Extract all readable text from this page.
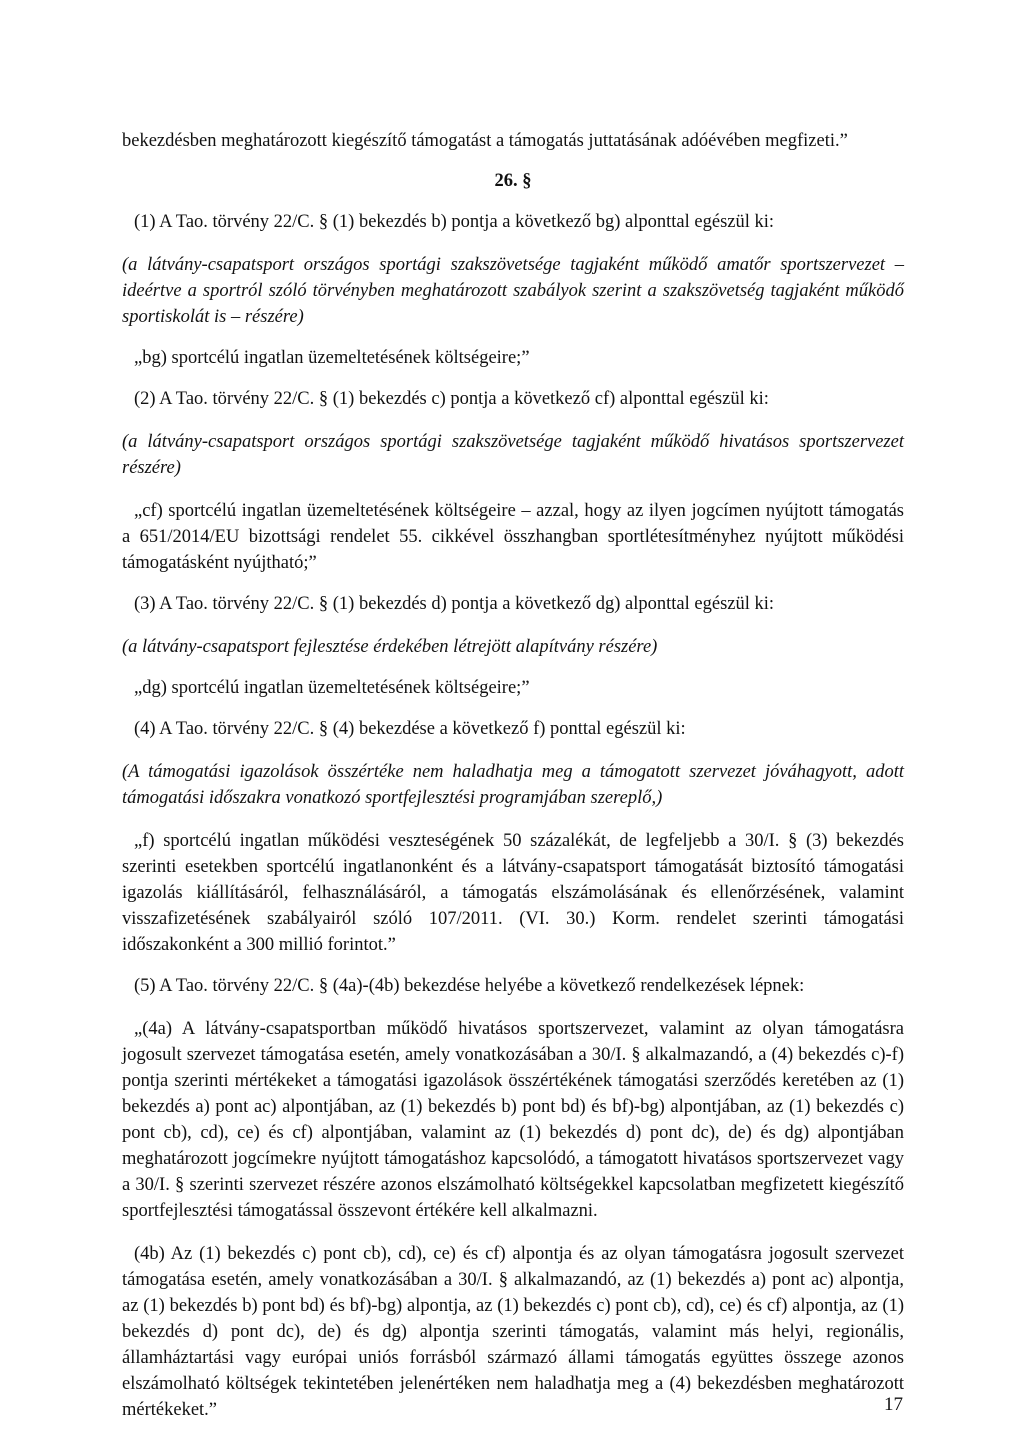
bekezdésben meghatározott kiegészítő támogatást a támogatás juttatásának adóévében megfizeti.”

26. §

(1) A Tao. törvény 22/C. § (1) bekezdés b) pontja a következő bg) alponttal egészül ki:

(a látvány-csapatsport országos sportági szakszövetsége tagjaként működő amatőr sportszervezet – ideértve a sportról szóló törvényben meghatározott szabályok szerint a szakszövetség tagjaként működő sportiskolát is – részére)

„bg) sportcélú ingatlan üzemeltetésének költségeire;”

(2) A Tao. törvény 22/C. § (1) bekezdés c) pontja a következő cf) alponttal egészül ki:

(a látvány-csapatsport országos sportági szakszövetsége tagjaként működő hivatásos sportszervezet részére)

„cf) sportcélú ingatlan üzemeltetésének költségeire – azzal, hogy az ilyen jogcímen nyújtott támogatás a 651/2014/EU bizottsági rendelet 55. cikkével összhangban sportlétesítményhez nyújtott működési támogatásként nyújtható;”

(3) A Tao. törvény 22/C. § (1) bekezdés d) pontja a következő dg) alponttal egészül ki:

(a látvány-csapatsport fejlesztése érdekében létrejött alapítvány részére)

„dg) sportcélú ingatlan üzemeltetésének költségeire;”

(4) A Tao. törvény 22/C. § (4) bekezdése a következő f) ponttal egészül ki:

(A támogatási igazolások összértéke nem haladhatja meg a támogatott szervezet jóváhagyott, adott támogatási időszakra vonatkozó sportfejlesztési programjában szereplő,)

„f) sportcélú ingatlan működési veszteségének 50 százalékát, de legfeljebb a 30/I. § (3) bekezdés szerinti esetekben sportcélú ingatlanonként és a látvány-csapatsport támogatását biztosító támogatási igazolás kiállításáról, felhasználásáról, a támogatás elszámolásának és ellenőrzésének, valamint visszafizetésének szabályairól szóló 107/2011. (VI. 30.) Korm. rendelet szerinti támogatási időszakonként a 300 millió forintot.”

(5) A Tao. törvény 22/C. § (4a)-(4b) bekezdése helyébe a következő rendelkezések lépnek:

„(4a) A látvány-csapatsportban működő hivatásos sportszervezet, valamint az olyan támogatásra jogosult szervezet támogatása esetén, amely vonatkozásában a 30/I. § alkalmazandó, a (4) bekezdés c)-f) pontja szerinti mértékeket a támogatási igazolások összértékének támogatási szerződés keretében az (1) bekezdés a) pont ac) alpontjában, az (1) bekezdés b) pont bd) és bf)-bg) alpontjában, az (1) bekezdés c) pont cb), cd), ce) és cf) alpontjában, valamint az (1) bekezdés d) pont dc), de) és dg) alpontjában meghatározott jogcímekre nyújtott támogatáshoz kapcsolódó, a támogatott hivatásos sportszervezet vagy a 30/I. § szerinti szervezet részére azonos elszámolható költségekkel kapcsolatban megfizetett kiegészítő sportfejlesztési támogatással összevont értékére kell alkalmazni.

(4b) Az (1) bekezdés c) pont cb), cd), ce) és cf) alpontja és az olyan támogatásra jogosult szervezet támogatása esetén, amely vonatkozásában a 30/I. § alkalmazandó, az (1) bekezdés a) pont ac) alpontja, az (1) bekezdés b) pont bd) és bf)-bg) alpontja, az (1) bekezdés c) pont cb), cd), ce) és cf) alpontja, az (1) bekezdés d) pont dc), de) és dg) alpontja szerinti támogatás, valamint más helyi, regionális, államháztartási vagy európai uniós forrásból származó állami támogatás együttes összege azonos elszámolható költségek tekintetében jelenértéken nem haladhatja meg a (4) bekezdésben meghatározott mértékeket.”	17
